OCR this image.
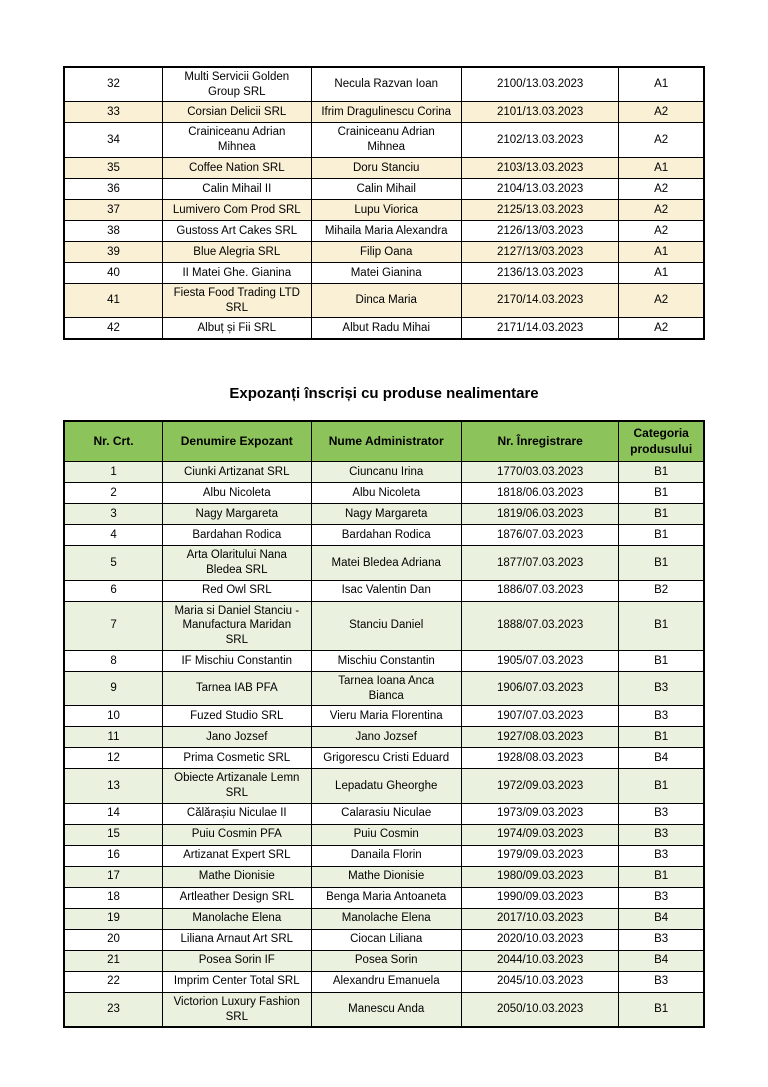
32	Multi Servicii Golden Group SRL	Necula Razvan Ioan	2100/13.03.2023	A1
33	Corsian Delicii SRL	Ifrim Dragulinescu Corina	2101/13.03.2023	A2
34	Crainiceanu Adrian Mihnea	Crainiceanu Adrian Mihnea	2102/13.03.2023	A2
35	Coffee Nation SRL	Doru Stanciu	2103/13.03.2023	A1
36	Calin Mihail II	Calin Mihail	2104/13.03.2023	A2
37	Lumivero Com Prod SRL	Lupu Viorica	2125/13.03.2023	A2
38	Gustoss Art Cakes SRL	Mihaila Maria Alexandra	2126/13/03.2023	A2
39	Blue Alegria SRL	Filip Oana	2127/13/03.2023	A1
40	II Matei Ghe. Gianina	Matei Gianina	2136/13.03.2023	A1
41	Fiesta Food Trading LTD SRL	Dinca Maria	2170/14.03.2023	A2
42	Albuț și Fii SRL	Albut Radu Mihai	2171/14.03.2023	A2
Expozanți înscriși cu produse nealimentare
Nr. Crt.	Denumire Expozant	Nume Administrator	Nr. Înregistrare	Categoria produsului
1	Ciunki Artizanat SRL	Ciuncanu Irina	1770/03.03.2023	B1
2	Albu Nicoleta	Albu Nicoleta	1818/06.03.2023	B1
3	Nagy Margareta	Nagy Margareta	1819/06.03.2023	B1
4	Bardahan Rodica	Bardahan Rodica	1876/07.03.2023	B1
5	Arta Olaritului Nana Bledea SRL	Matei Bledea Adriana	1877/07.03.2023	B1
6	Red Owl SRL	Isac Valentin Dan	1886/07.03.2023	B2
7	Maria si Daniel Stanciu - Manufactura Maridan SRL	Stanciu Daniel	1888/07.03.2023	B1
8	IF Mischiu Constantin	Mischiu Constantin	1905/07.03.2023	B1
9	Tarnea IAB PFA	Tarnea Ioana Anca Bianca	1906/07.03.2023	B3
10	Fuzed Studio SRL	Vieru Maria Florentina	1907/07.03.2023	B3
11	Jano Jozsef	Jano Jozsef	1927/08.03.2023	B1
12	Prima Cosmetic SRL	Grigorescu Cristi Eduard	1928/08.03.2023	B4
13	Obiecte Artizanale Lemn SRL	Lepadatu Gheorghe	1972/09.03.2023	B1
14	Călărașiu Niculae II	Calarasiu Niculae	1973/09.03.2023	B3
15	Puiu Cosmin PFA	Puiu Cosmin	1974/09.03.2023	B3
16	Artizanat Expert SRL	Danaila Florin	1979/09.03.2023	B3
17	Mathe Dionisie	Mathe Dionisie	1980/09.03.2023	B1
18	Artleather Design SRL	Benga Maria Antoaneta	1990/09.03.2023	B3
19	Manolache Elena	Manolache Elena	2017/10.03.2023	B4
20	Liliana Arnaut Art SRL	Ciocan Liliana	2020/10.03.2023	B3
21	Posea Sorin IF	Posea Sorin	2044/10.03.2023	B4
22	Imprim Center Total SRL	Alexandru Emanuela	2045/10.03.2023	B3
23	Victorion Luxury Fashion SRL	Manescu Anda	2050/10.03.2023	B1
